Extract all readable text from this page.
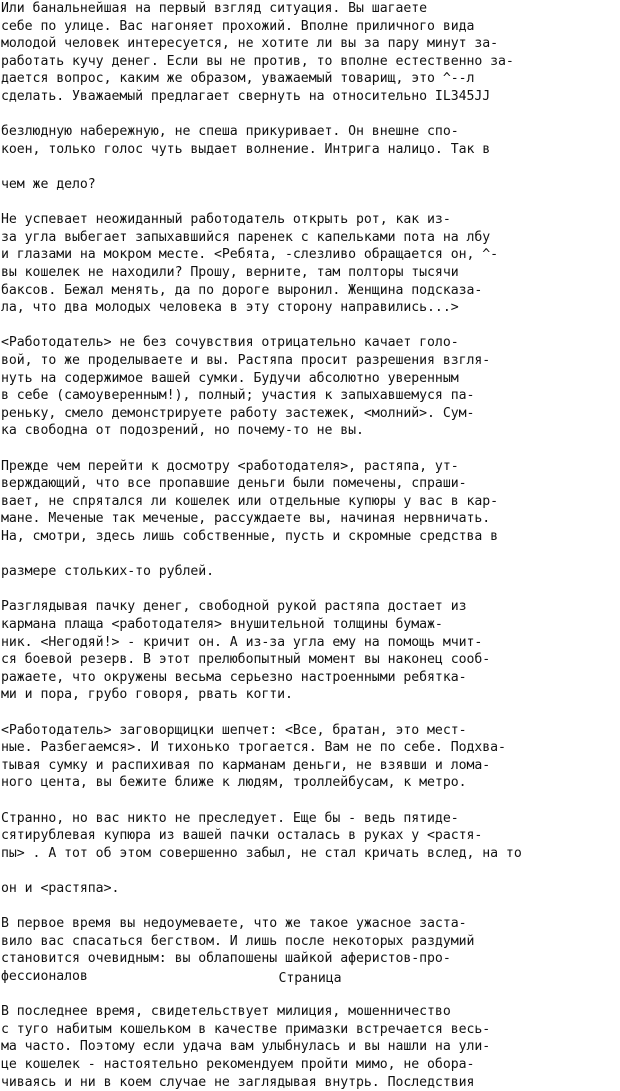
Или банальнейшая на первый взгляд ситуация. Вы шагаете
себе по улице. Вас нагоняет прохожий. Вполне приличного вида
молодой человек интересуется, не хотите ли вы за пару минут за-
работать кучу денег. Если вы не против, то вполне естественно за-
дается вопрос, каким же образом, уважаемый товарищ, это ^--л
сделать. Уважаемый предлагает свернуть на относительно IL345JJ
безлюдную набережную, не спеша прикуривает. Он внешне спо-
коен, только голос чуть выдает волнение. Интрига налицо. Так в
чем же дело?
Не успевает неожиданный работодатель открыть рот, как из-
за угла выбегает запыхавшийся паренек с капельками пота на лбу
и глазами на мокром месте. <Ребята, -слезливо обращается он, ^-
вы кошелек не находили? Прошу, верните, там полторы тысячи
баксов. Бежал менять, да по дороге выронил. Женщина подсказа-
ла, что два молодых человека в эту сторону направились...>
<Работодатель> не без сочувствия отрицательно качает голо-
вой, то же проделываете и вы. Растяпа просит разрешения взгля-
нуть на содержимое вашей сумки. Будучи абсолютно уверенным
в себе (самоуверенным!), полный; участия к запыхавшемуся па-
реньку, смело демонстрируете работу застежек, <молний>. Сум-
ка свободна от подозрений, но почему-то не вы.
Прежде чем перейти к досмотру <работодателя>, растяпа, ут-
верждающий, что все пропавшие деньги были помечены, спраши-
вает, не спрятался ли кошелек или отдельные купюры у вас в кар-
мане. Меченые так меченые, рассуждаете вы, начиная нервничать.
На, смотри, здесь лишь собственные, пусть и скромные средства в
размере стольких-то рублей.
Разглядывая пачку денег, свободной рукой растяпа достает из
кармана плаща <работодателя> внушительной толщины бумаж-
ник. <Негодяй!> - кричит он. А из-за угла ему на помощь мчит-
ся боевой резерв. В этот прелюбопытный момент вы наконец сооб-
ражаете, что окружены весьма серьезно настроенными ребятка-
ми и пора, грубо говоря, рвать когти.
<Работодатель> заговорщицки шепчет: <Все, братан, это мест-
ные. Разбегаемся>. И тихонько трогается. Вам не по себе. Подхва-
тывая сумку и распихивая по карманам деньги, не взявши и лома-
ного цента, вы бежите ближе к людям, троллейбусам, к метро.
Странно, но вас никто не преследует. Еще бы - ведь пятиде-
сятирублевая купюра из вашей пачки осталась в руках у <растя-
пы> . А тот об этом совершенно забыл, не стал кричать вслед, на то
он и <растяпа>.
В первое время вы недоумеваете, что же такое ужасное заста-
вило вас спасаться бегством. И лишь после некоторых раздумий
становится очевидным: вы облапошены шайкой аферистов-про-
фессионалов
В последнее время, свидетельствует милиция, мошенничество
с туго набитым кошельком в качестве примазки встречается весь-
ма часто. Поэтому если удача вам улыбнулась и вы нашли на ули-
це кошелек - настоятельно рекомендуем пройти мимо, не обора-
чиваясь и ни в коем случае не заглядывая внутрь. Последствия
Страница
